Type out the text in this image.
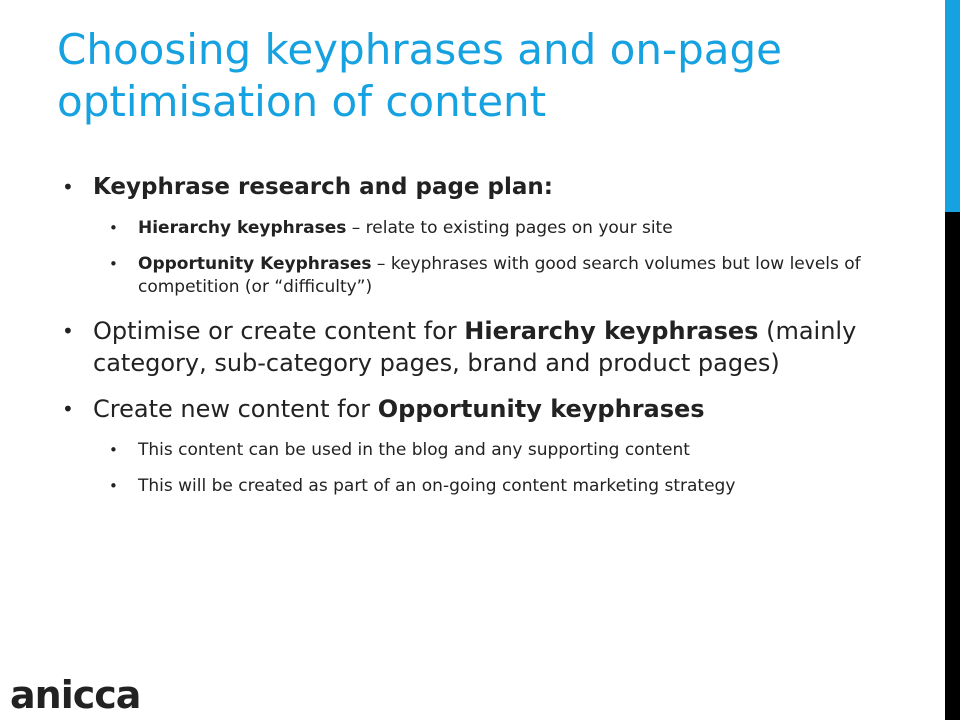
Choosing keyphrases and on-page optimisation of content
• Keyphrase research and page plan:
• Hierarchy keyphrases – relate to existing pages on your site
• Opportunity Keyphrases – keyphrases with good search volumes but low levels of competition (or “difficulty”)
• Optimise or create content for Hierarchy keyphrases (mainly category, sub-category pages, brand and product pages)
• Create new content for Opportunity keyphrases
• This content can be used in the blog and any supporting content
• This will be created as part of an on-going content marketing strategy
anicca
